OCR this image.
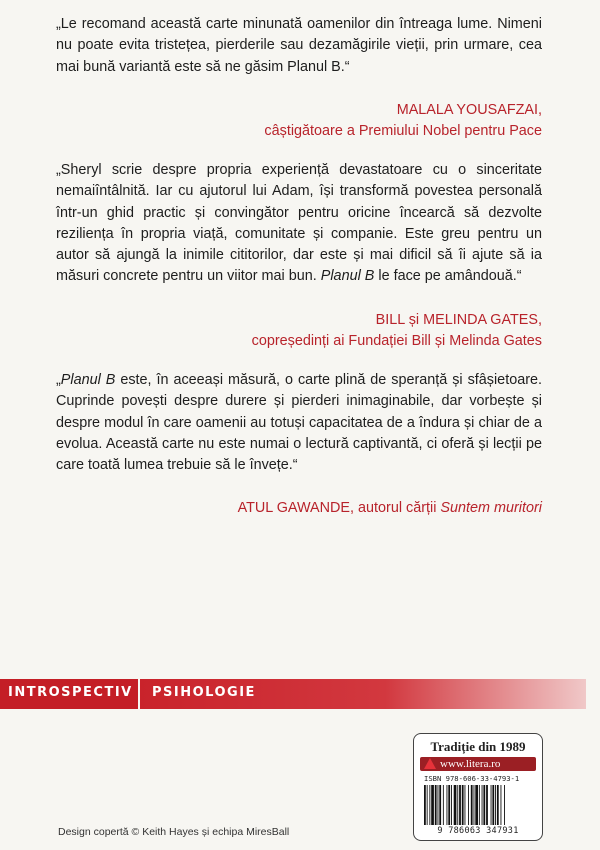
„Le recomand această carte minunată oamenilor din întreaga lume. Nimeni nu poate evita tristețea, pierderile sau dezamăgirile vieții, prin urmare, cea mai bună variantă este să ne găsim Planul B.“

MALALA YOUSAFZAI,
câștigătoare a Premiului Nobel pentru Pace

„Sheryl scrie despre propria experiență devastatoare cu o sinceritate nemaiîntâlnită. Iar cu ajutorul lui Adam, își transformă povestea personală într-un ghid practic și convingător pentru oricine încearcă să dezvolte reziliența în propria viață, comunitate și companie. Este greu pentru un autor să ajungă la inimile cititorilor, dar este și mai dificil să îi ajute să ia măsuri concrete pentru un viitor mai bun. Planul B le face pe amândouă.“

BILL și MELINDA GATES,
copreședinți ai Fundației Bill și Melinda Gates

„Planul B este, în aceeași măsură, o carte plină de speranță și sfâșietoare. Cuprinde povești despre durere și pierderi inimaginabile, dar vorbește și despre modul în care oamenii au totuși capacitatea de a îndura și chiar de a evolua. Această carte nu este numai o lectură captivantă, ci oferă și lecții pe care toată lumea trebuie să le învețe.“

ATUL GAWANDE, autorul cărții Suntem muritori
INTROSPECTIV PSIHOLOGIE
Tradiție din 1989
www.litera.ro
ISBN 978-606-33-4793-1
9 786063 347931
Design copertă © Keith Hayes și echipa MiresBall
